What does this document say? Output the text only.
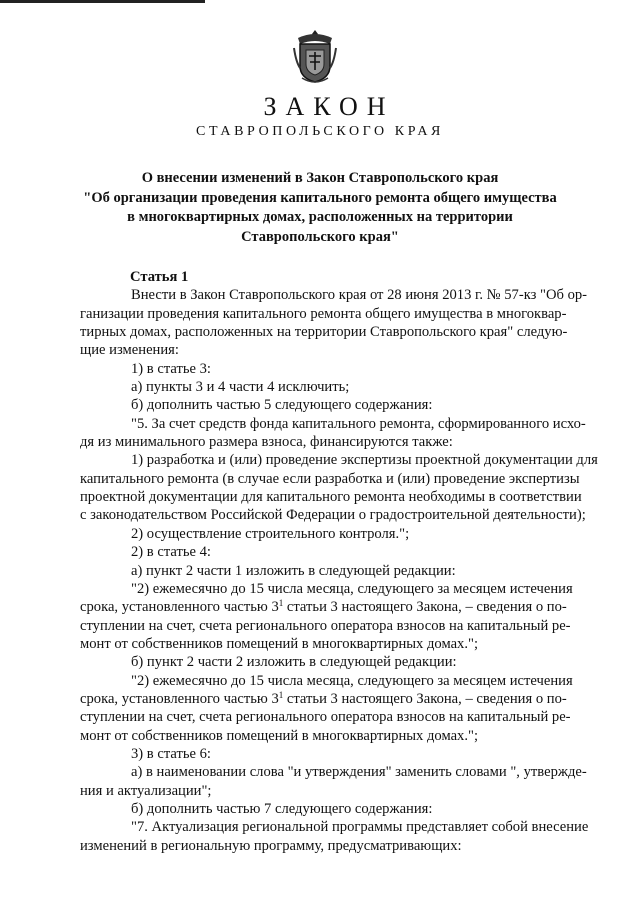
ЗАКОН
СТАВРОПОЛЬСКОГО КРАЯ
О внесении изменений в Закон Ставропольского края
"Об организации проведения капитального ремонта общего имущества
в многоквартирных домах, расположенных на территории
Ставропольского края"
Статья 1
Внести в Закон Ставропольского края от 28 июня 2013 г. № 57-кз "Об ор-
ганизации проведения капитального ремонта общего имущества в многоквар-
тирных домах, расположенных на территории Ставропольского края" следую-
щие изменения:
1) в статье 3:
а) пункты 3 и 4 части 4 исключить;
б) дополнить частью 5 следующего содержания:
"5. За счет средств фонда капитального ремонта, сформированного исхо-
дя из минимального размера взноса, финансируются также:
1) разработка и (или) проведение экспертизы проектной документации для
капитального ремонта (в случае если разработка и (или) проведение экспертизы
проектной документации для капитального ремонта необходимы в соответствии
с законодательством Российской Федерации о градостроительной деятельности);
2) осуществление строительного контроля.";
2) в статье 4:
а) пункт 2 части 1 изложить в следующей редакции:
"2) ежемесячно до 15 числа месяца, следующего за месяцем истечения
срока, установленного частью $3^1$ статьи 3 настоящего Закона, – сведения о по-
ступлении на счет, счета регионального оператора взносов на капитальный ре-
монт от собственников помещений в многоквартирных домах.";
б) пункт 2 части 2 изложить в следующей редакции:
"2) ежемесячно до 15 числа месяца, следующего за месяцем истечения
срока, установленного частью $3^1$ статьи 3 настоящего Закона, – сведения о по-
ступлении на счет, счета регионального оператора взносов на капитальный ре-
монт от собственников помещений в многоквартирных домах.";
3) в статье 6:
а) в наименовании слова "и утверждения" заменить словами ", утвержде-
ния и актуализации";
б) дополнить частью 7 следующего содержания:
"7. Актуализация региональной программы представляет собой внесение
изменений в региональную программу, предусматривающих:
